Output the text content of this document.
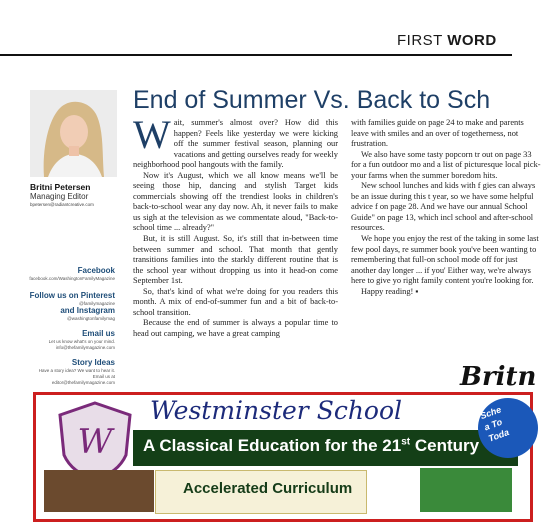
FIRST WORD
Britni Petersen
Managing Editor
bpetersen@radiantcreative.com
Facebook
facebook.com/WashingtonFamilyMagazine
Follow us on Pinterest
@familymagazine
and Instagram
@washingtonfamilymag
Email us
Let us know what's on your mind.
info@thefamilymagazine.com
Story Ideas
Have a story idea? We want to hear it.
Email us at
editor@thefamilymagazine.com
End of Summer Vs. Back to Sch

Wait, summer's almost over? How did this happen? Feels like yesterday we were kicking off the summer festival season, planning our vacations and getting ourselves ready for weekly neighborhood pool hangouts with the family.

Now it's August, which we all know means we'll be seeing those hip, dancing and stylish Target kids commercials showing off the trendiest looks in children's back-to-school wear any day now. Ah, it never fails to make us sigh at the television as we commentate aloud, "Back-to-school time ... already?"

But, it is still August. So, it's still that in-between time between summer and school. That month that gently transitions families into the starkly different routine that is the school year without dropping us into it head-on come September 1st.

So, that's kind of what we're doing for you readers this month. A mix of end-of-summer fun and a bit of back-to-school transition.

Because the end of summer is always a popular time to head out camping, we have a great camping

with families guide on page 24 to make and parents leave with smiles and an over of togetherness, not frustration.

We also have some tasty popcorn tr out on page 33 for a fun outdoor mo and a list of picturesque local pick-your farms when the summer boredom hits.

New school lunches and kids with f gies can always be an issue during this t year, so we have some helpful advice f on page 28. And we have our annual School Guide" on page 13, which incl school and after-school resources.

We hope you enjoy the rest of the taking in some last few pool days, re summer book you've been wanting to remembering that full-on school mode off for just another day longer ... if you' Either way, we're always here to give yo right family content you're looking for.

Happy reading! ▪

Britn
W
Westminster School
A Classical Education for the 21st Century
Sche
a To
Toda
Accelerated Curriculum
